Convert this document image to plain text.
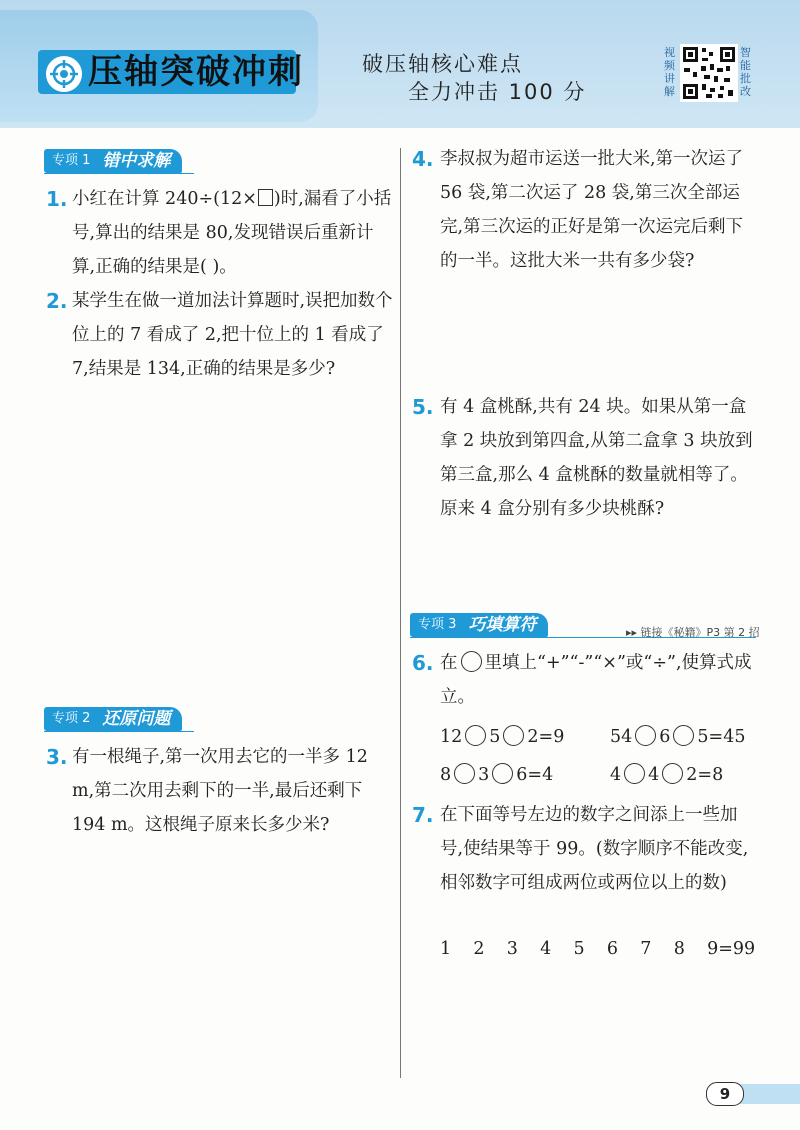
压轴突破冲刺	破压轴核心难点
全力冲击 100 分
视频讲解
智能批改
专项 1 错中求解
1. 小红在计算 240÷(12× )时,漏看了小括号,算出的结果是 80,发现错误后重新计算,正确的结果是( )。
2. 某学生在做一道加法计算题时,误把加数个位上的 7 看成了 2,把十位上的 1 看成了 7,结果是 134,正确的结果是多少?
专项 2 还原问题
3. 有一根绳子,第一次用去它的一半多 12 m,第二次用去剩下的一半,最后还剩下 194 m。这根绳子原来长多少米?
4. 李叔叔为超市运送一批大米,第一次运了 56 袋,第二次运了 28 袋,第三次全部运完,第三次运的正好是第一次运完后剩下的一半。这批大米一共有多少袋?
5. 有 4 盒桃酥,共有 24 块。如果从第一盒拿 2 块放到第四盒,从第二盒拿 3 块放到第三盒,那么 4 盒桃酥的数量就相等了。原来 4 盒分别有多少块桃酥?
专项 3 巧填算符	▸▸ 链接《秘籍》P3 第 2 招
6. 在 里填上“+”“-”“×”或“÷”,使算式成立。
12 5 2=9	54 6 5=45
8 3 6=4	4 4 2=8
7. 在下面等号左边的数字之间添上一些加号,使结果等于 99。(数字顺序不能改变,相邻数字可组成两位或两位以上的数)
1    2    3    4    5    6    7    8    9=99
9
